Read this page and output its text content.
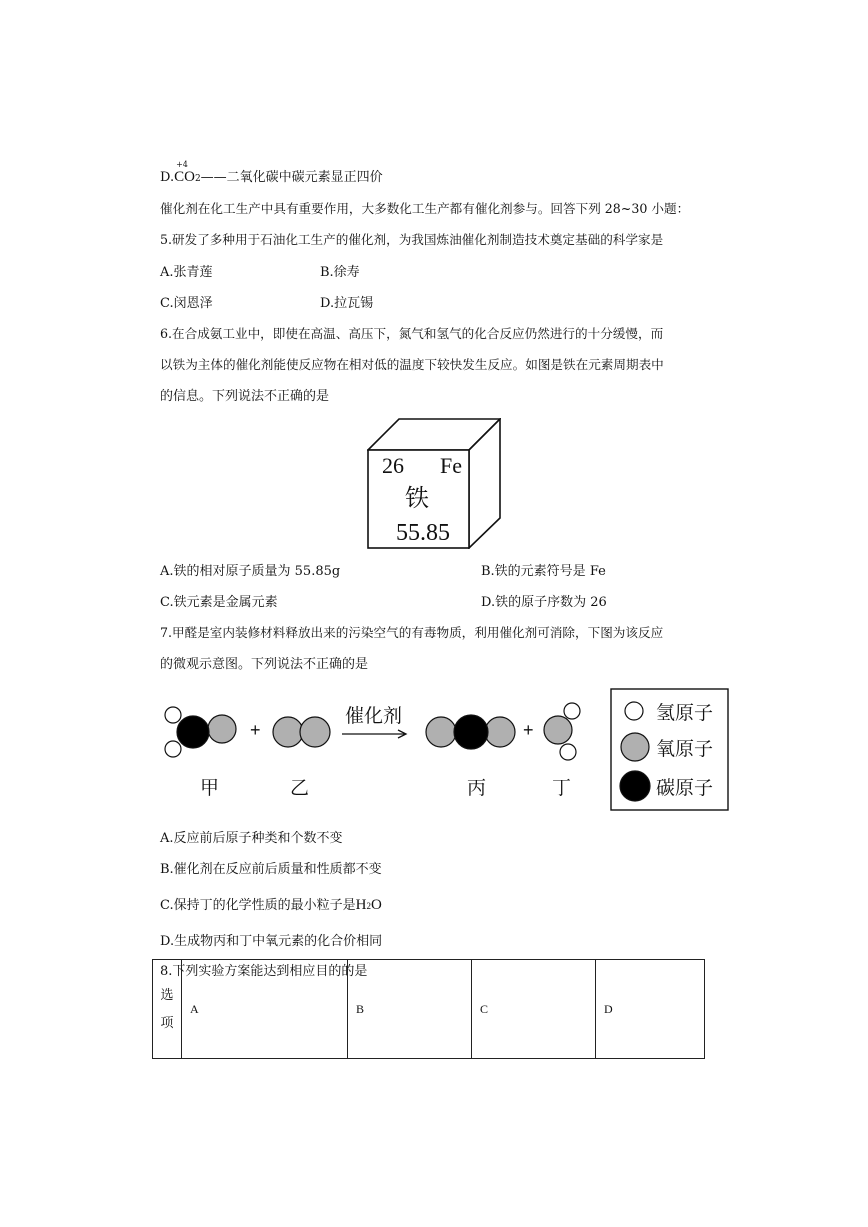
D.
+4
CO2——二氧化碳中碳元素显正四价
催化剂在化工生产中具有重要作用，大多数化工生产都有催化剂参与。回答下列 28~30 小题：
5.研发了多种用于石油化工生产的催化剂，为我国炼油催化剂制造技术奠定基础的科学家是
A.张青莲	B.徐寿
C.闵恩泽	D.拉瓦锡
6.在合成氨工业中，即使在高温、高压下，氮气和氢气的化合反应仍然进行的十分缓慢，而
以铁为主体的催化剂能使反应物在相对低的温度下较快发生反应。如图是铁在元素周期表中
的信息。下列说法不正确的是
26 Fe
铁
55.85
A.铁的相对原子质量为 55.85g	B.铁的元素符号是 Fe
C.铁元素是金属元素	D.铁的原子序数为 26
7.甲醛是室内装修材料释放出来的污染空气的有毒物质，利用催化剂可消除，下图为该反应
的微观示意图。下列说法不正确的是
+
催化剂
+
甲	乙	丙	丁
氢原子
氧原子
碳原子
A.反应前后原子种类和个数不变
B.催化剂在反应前后质量和性质都不变
C.保持丁的化学性质的最小粒子是H2O
D.生成物丙和丁中氧元素的化合价相同
8.下列实验方案能达到相应目的的是
选
项	A	B	C	D
